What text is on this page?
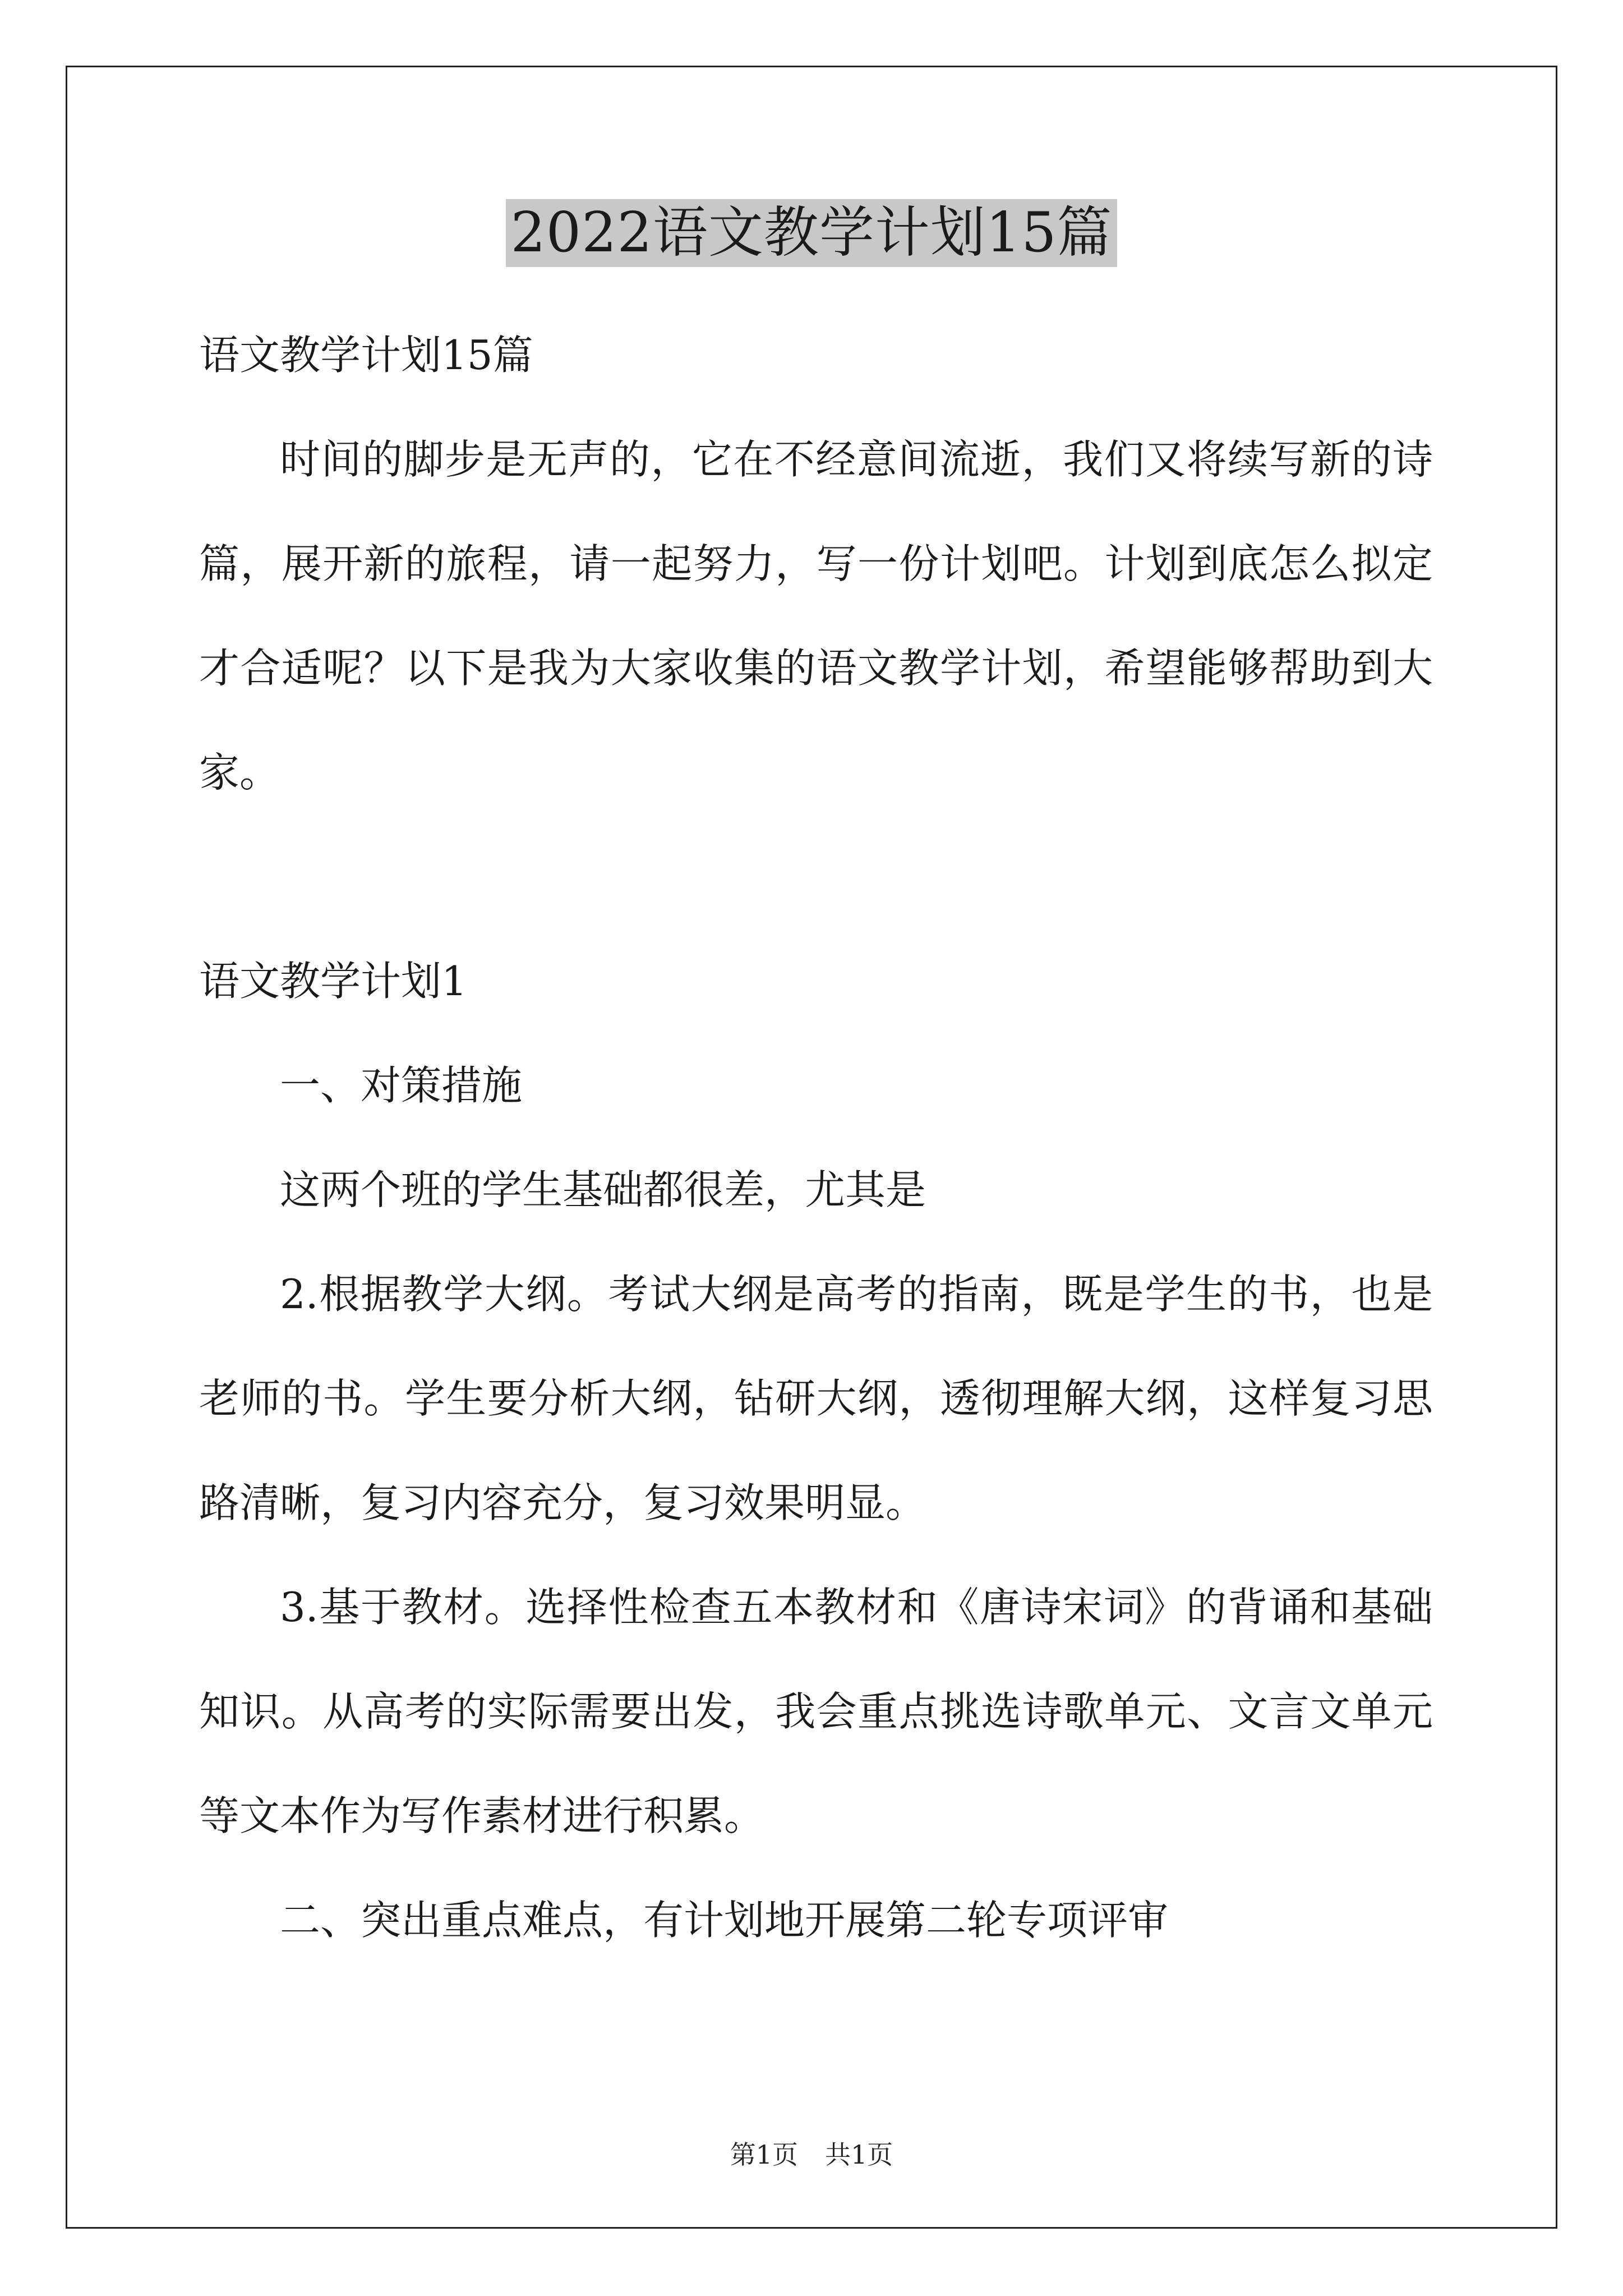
2022语文教学计划15篇

语文教学计划15篇

时间的脚步是无声的，它在不经意间流逝，我们又将续写新的诗篇，展开新的旅程，请一起努力，写一份计划吧。计划到底怎么拟定才合适呢？以下是我为大家收集的语文教学计划，希望能够帮助到大家。

语文教学计划1

一、对策措施

这两个班的学生基础都很差，尤其是

2.根据教学大纲。考试大纲是高考的指南，既是学生的书，也是老师的书。学生要分析大纲，钻研大纲，透彻理解大纲，这样复习思路清晰，复习内容充分，复习效果明显。

3.基于教材。选择性检查五本教材和《唐诗宋词》的背诵和基础知识。从高考的实际需要出发，我会重点挑选诗歌单元、文言文单元等文本作为写作素材进行积累。

二、突出重点难点，有计划地开展第二轮专项评审

第1页 共1页
